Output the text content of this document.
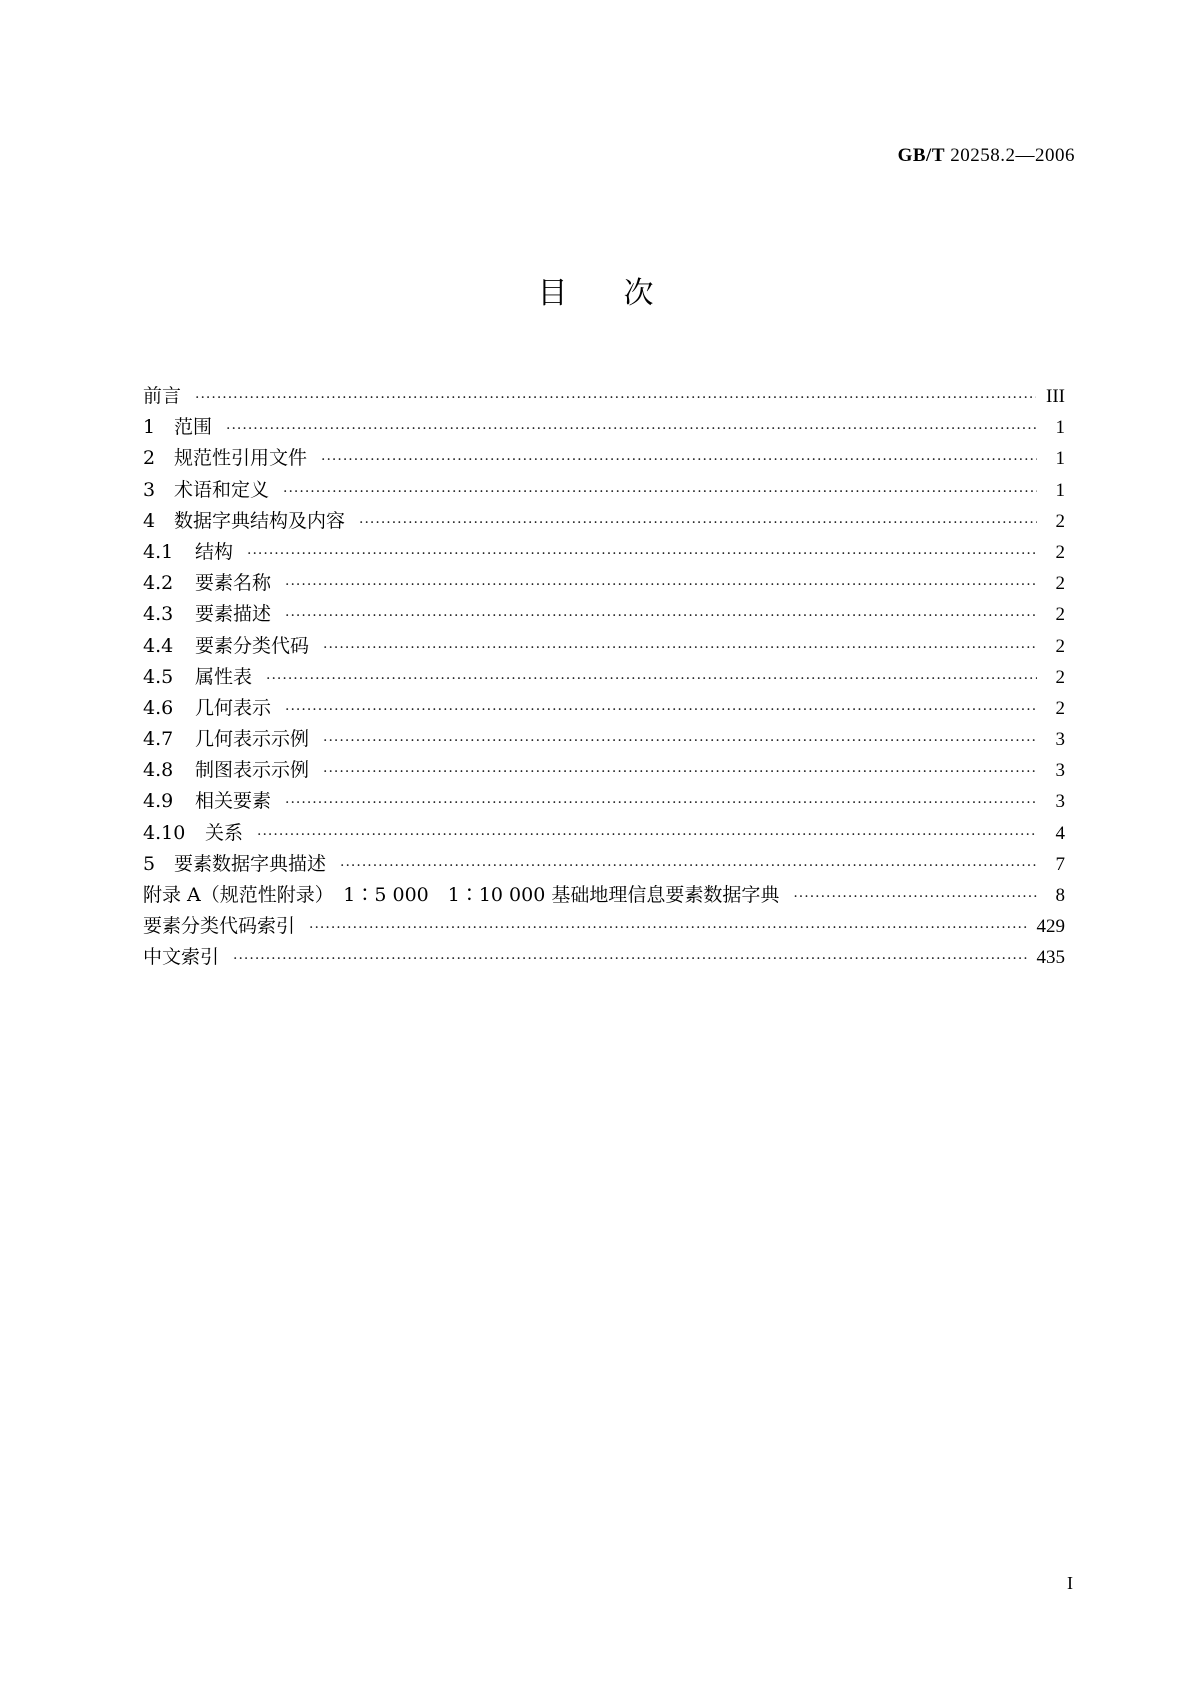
GB/T 20258.2—2006
目次
前言 ·····	III
1 范围 ·····	1
2 规范性引用文件 ·····	1
3 术语和定义 ·····	1
4 数据字典结构及内容 ·····	2
4.1	结构 ·····	2
4.2	要素名称 ·····	2
4.3	要素描述 ·····	2
4.4	要素分类代码 ·····	2
4.5	属性表 ·····	2
4.6	几何表示 ·····	2
4.7	几何表示示例 ·····	3
4.8	制图表示示例 ·····	3
4.9	相关要素 ·····	3
4.10	关系 ·····	4
5 要素数据字典描述 ·····	7
附录 A（规范性附录）　1∶5 000　1∶10 000 基础地理信息要素数据字典 ·····	8
要素分类代码索引 ·····	429
中文索引 ·····	435
I
